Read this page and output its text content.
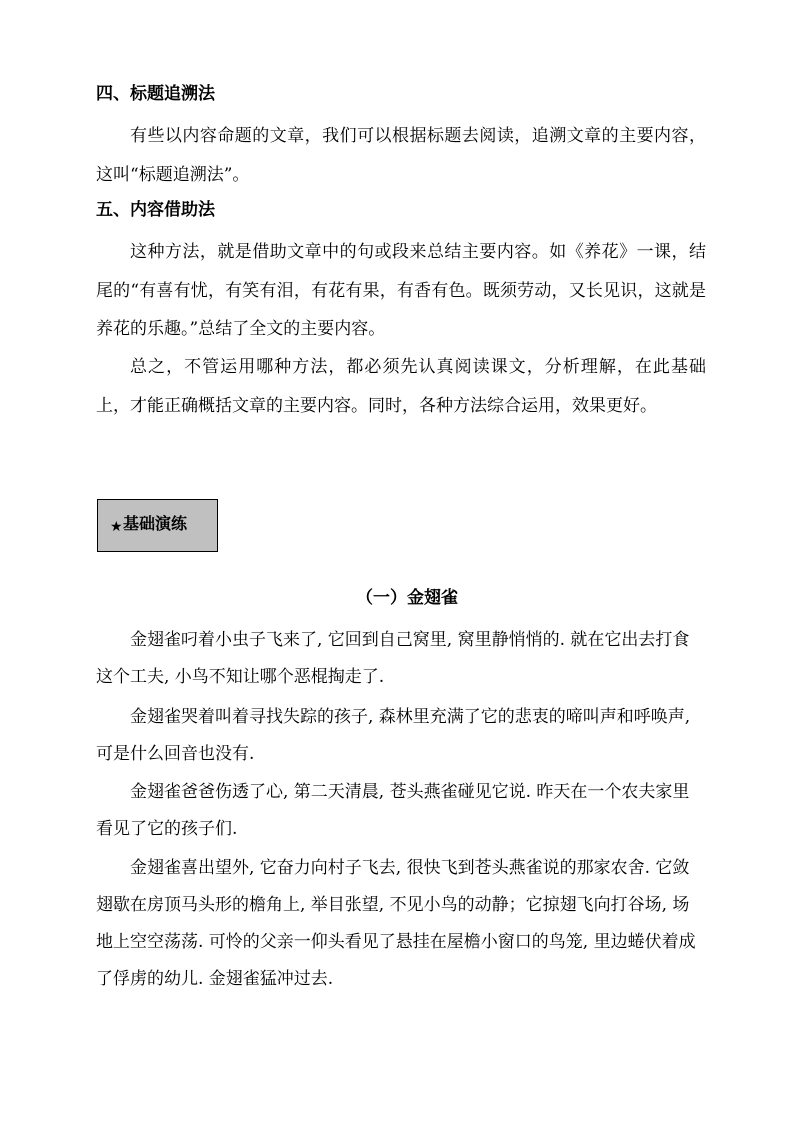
四、标题追溯法

有些以内容命题的文章，我们可以根据标题去阅读，追溯文章的主要内容，这叫“标题追溯法”。

五、内容借助法

这种方法，就是借助文章中的句或段来总结主要内容。如《养花》一课，结尾的“有喜有忧，有笑有泪，有花有果，有香有色。既须劳动，又长见识，这就是养花的乐趣。”总结了全文的主要内容。

总之，不管运用哪种方法，都必须先认真阅读课文，分析理解，在此基础上，才能正确概括文章的主要内容。同时，各种方法综合运用，效果更好。

★ 基础演练
（一）金翅雀

金翅雀叼着小虫子飞来了, 它回到自己窝里, 窝里静悄悄的. 就在它出去打食这个工夫, 小鸟不知让哪个恶棍掏走了.

金翅雀哭着叫着寻找失踪的孩子, 森林里充满了它的悲衷的啼叫声和呼唤声, 可是什么回音也没有.

金翅雀爸爸伤透了心, 第二天清晨, 苍头燕雀碰见它说. 昨天在一个农夫家里看见了它的孩子们.

金翅雀喜出望外, 它奋力向村子飞去, 很快飞到苍头燕雀说的那家农舍. 它敛翅歇在房顶马头形的檐角上, 举目张望, 不见小鸟的动静；它掠翅飞向打谷场, 场地上空空荡荡. 可怜的父亲一仰头看见了悬挂在屋檐小窗口的鸟笼, 里边蜷伏着成了俘虏的幼儿. 金翅雀猛冲过去.
